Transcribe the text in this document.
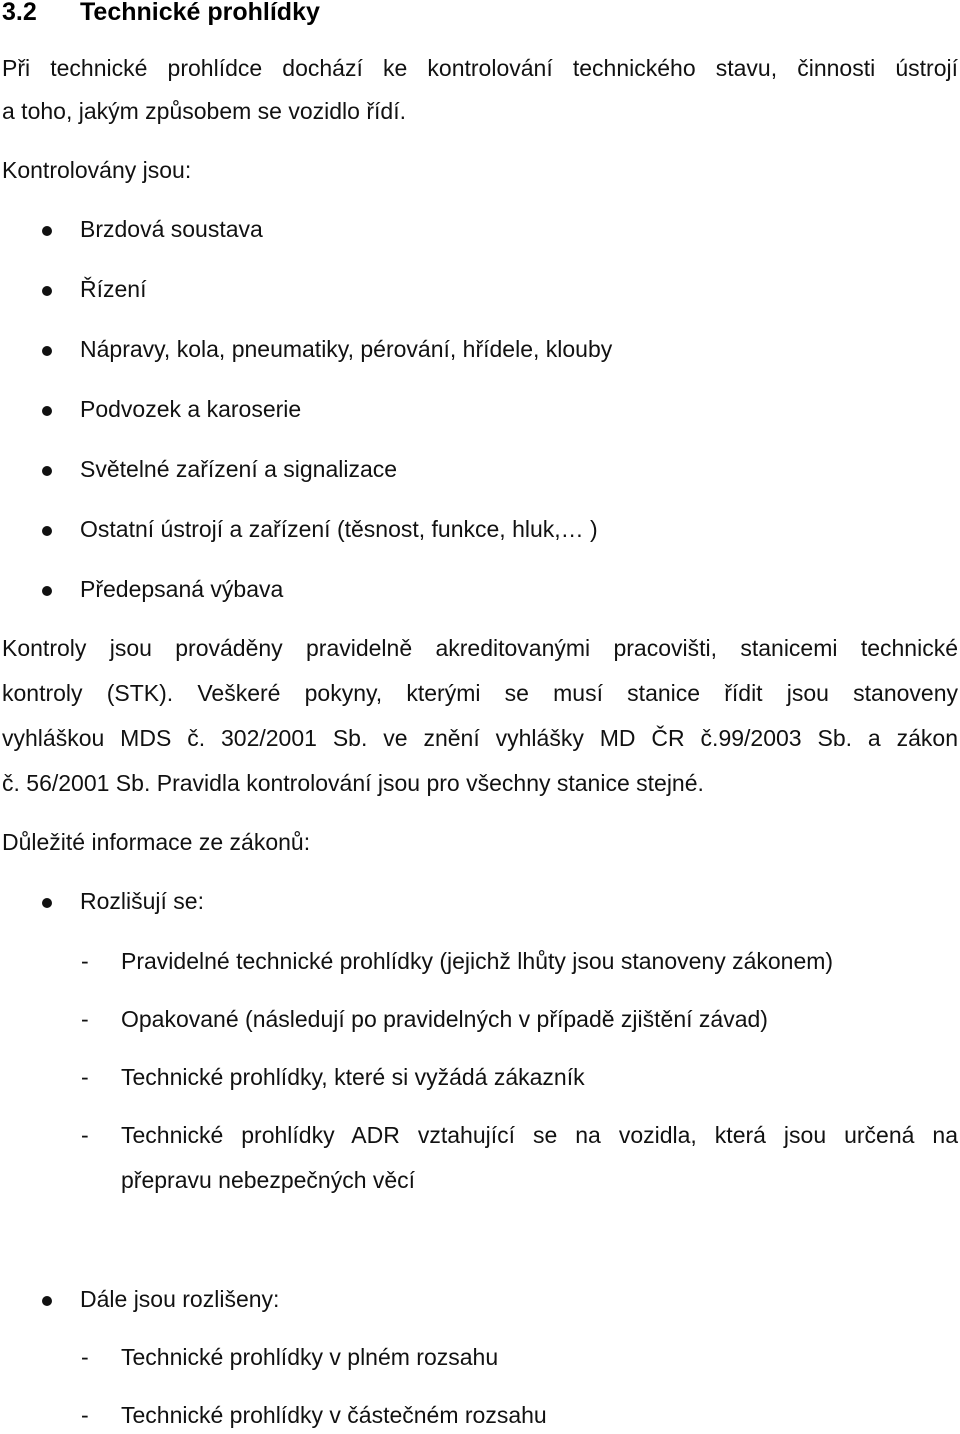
3.2 Technické prohlídky
Při technické prohlídce dochází ke kontrolování technického stavu, činnosti ústrojí
a toho, jakým způsobem se vozidlo řídí.
Kontrolovány jsou:
Brzdová soustava
Řízení
Nápravy, kola, pneumatiky, pérování, hřídele, klouby
Podvozek a karoserie
Světelné zařízení a signalizace
Ostatní ústrojí a zařízení (těsnost, funkce, hluk,… )
Předepsaná výbava
Kontroly jsou prováděny pravidelně akreditovanými pracovišti, stanicemi technické
kontroly (STK). Veškeré pokyny, kterými se musí stanice řídit jsou stanoveny
vyhláškou MDS č. 302/2001 Sb. ve znění vyhlášky MD ČR č.99/2003 Sb. a zákon
č. 56/2001 Sb. Pravidla kontrolování jsou pro všechny stanice stejné.
Důležité informace ze zákonů:
Rozlišují se:
- Pravidelné technické prohlídky (jejichž lhůty jsou stanoveny zákonem)
- Opakované (následují po pravidelných v případě zjištění závad)
- Technické prohlídky, které si vyžádá zákazník
- Technické prohlídky ADR vztahující se na vozidla, která jsou určená na
přepravu nebezpečných věcí
Dále jsou rozlišeny:
- Technické prohlídky v plném rozsahu
- Technické prohlídky v částečném rozsahu
